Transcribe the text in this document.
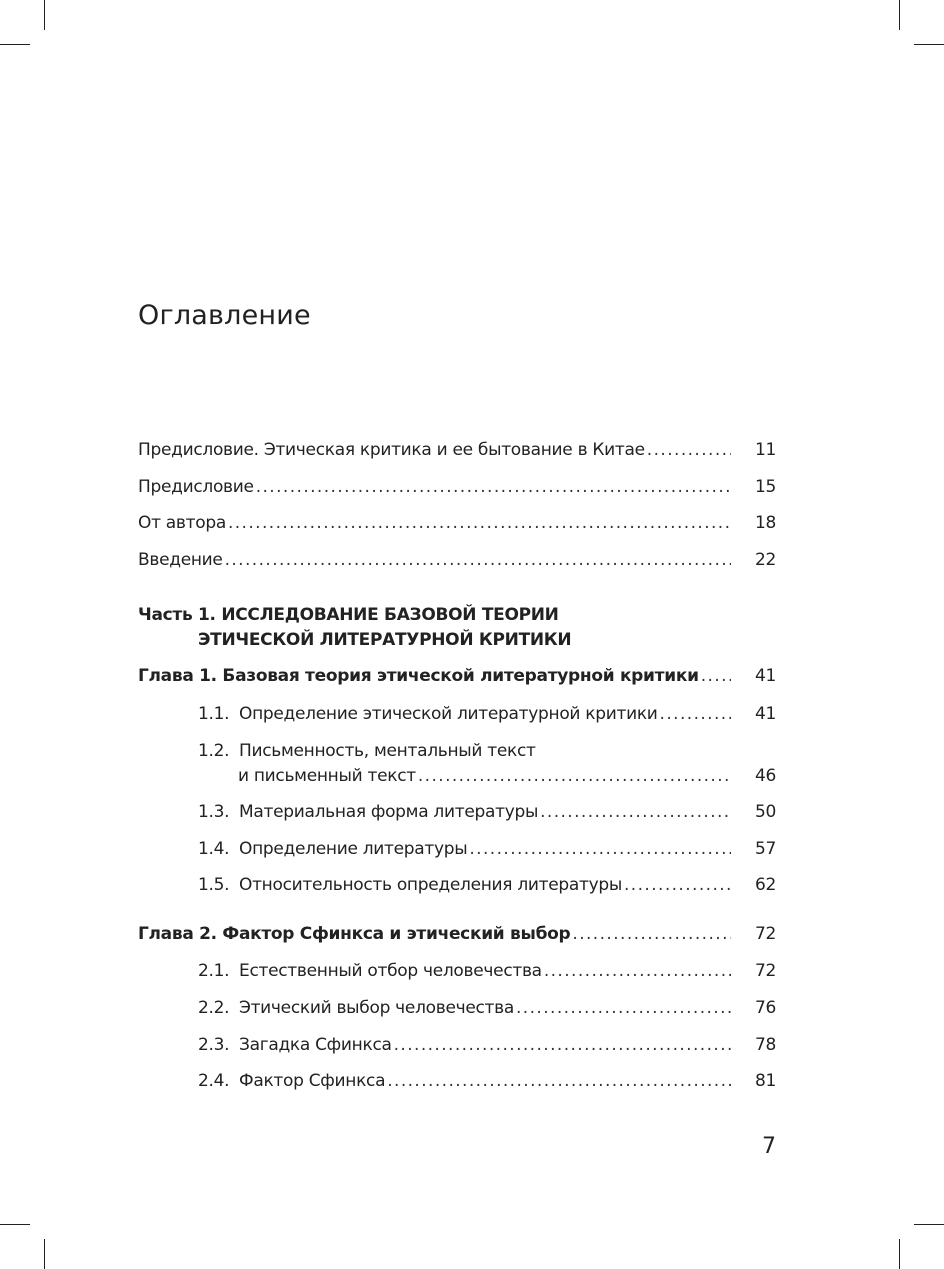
Оглавление
Предисловие. Этическая критика и ее бытование в Китае .....	11
Предисловие .....	15
От автора .....	18
Введение .....	22
Часть 1. ИССЛЕДОВАНИЕ БАЗОВОЙ ТЕОРИИ
ЭТИЧЕСКОЙ ЛИТЕРАТУРНОЙ КРИТИКИ
Глава 1. Базовая теория этической литературной критики .....	41
1.1. Определение этической литературной критики .....	41
1.2. Письменность, ментальный текст
и письменный текст .....	46
1.3. Материальная форма литературы .....	50
1.4. Определение литературы .....	57
1.5. Относительность определения литературы .....	62
Глава 2. Фактор Сфинкса и этический выбор .....	72
2.1. Естественный отбор человечества .....	72
2.2. Этический выбор человечества .....	76
2.3. Загадка Сфинкса .....	78
2.4. Фактор Сфинкса .....	81
7
